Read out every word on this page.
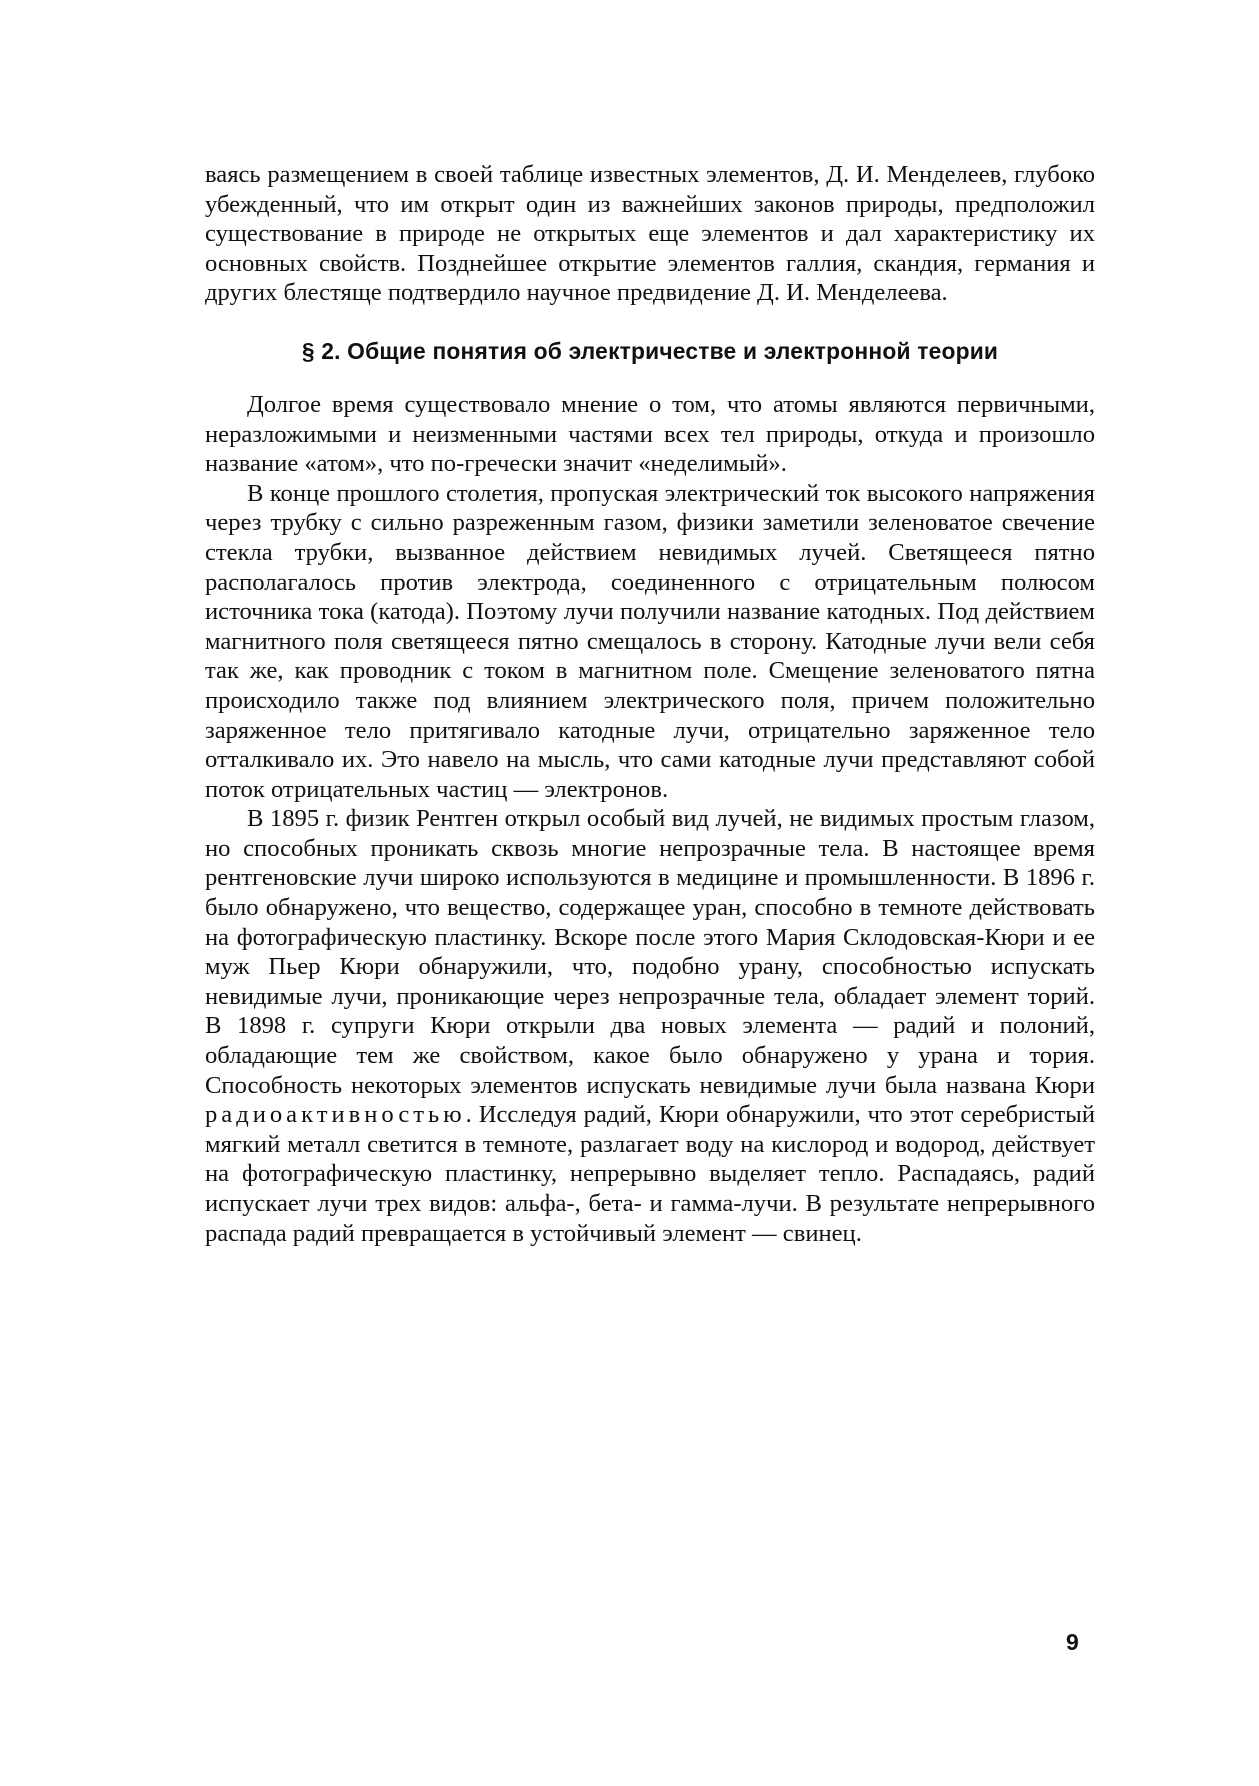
ваясь размещением в своей таблице известных элементов, Д. И. Менделеев, глубоко убежденный, что им открыт один из важнейших законов природы, предположил существование в природе не открытых еще элементов и дал характеристику их основных свойств. Позднейшее открытие элементов галлия, скандия, германия и других блестяще подтвердило научное предвидение Д. И. Менделеева.

§ 2. Общие понятия об электричестве и электронной теории

Долгое время существовало мнение о том, что атомы являются первичными, неразложимыми и неизменными частями всех тел природы, откуда и произошло название «атом», что по-гречески значит «неделимый».

В конце прошлого столетия, пропуская электрический ток высокого напряжения через трубку с сильно разреженным газом, физики заметили зеленоватое свечение стекла трубки, вызванное действием невидимых лучей. Светящееся пятно располагалось против электрода, соединенного с отрицательным полюсом источника тока (катода). Поэтому лучи получили название катодных. Под действием магнитного поля светящееся пятно смещалось в сторону. Катодные лучи вели себя так же, как проводник с током в магнитном поле. Смещение зеленоватого пятна происходило также под влиянием электрического поля, причем положительно заряженное тело притягивало катодные лучи, отрицательно заряженное тело отталкивало их. Это навело на мысль, что сами катодные лучи представляют собой поток отрицательных частиц — электронов.

В 1895 г. физик Рентген открыл особый вид лучей, не видимых простым глазом, но способных проникать сквозь многие непрозрачные тела. В настоящее время рентгеновские лучи широко используются в медицине и промышленности. В 1896 г. было обнаружено, что вещество, содержащее уран, способно в темноте действовать на фотографическую пластинку. Вскоре после этого Мария Склодовская-Кюри и ее муж Пьер Кюри обнаружили, что, подобно урану, способностью испускать невидимые лучи, проникающие через непрозрачные тела, обладает элемент торий. В 1898 г. супруги Кюри открыли два новых элемента — радий и полоний, обладающие тем же свойством, какое было обнаружено у урана и тория. Способность некоторых элементов испускать невидимые лучи была названа Кюри радиоактивностью. Исследуя радий, Кюри обнаружили, что этот серебристый мягкий металл светится в темноте, разлагает воду на кислород и водород, действует на фотографическую пластинку, непрерывно выделяет тепло. Распадаясь, радий испускает лучи трех видов: альфа-, бета- и гамма-лучи. В результате непрерывного распада радий превращается в устойчивый элемент — свинец.

9
